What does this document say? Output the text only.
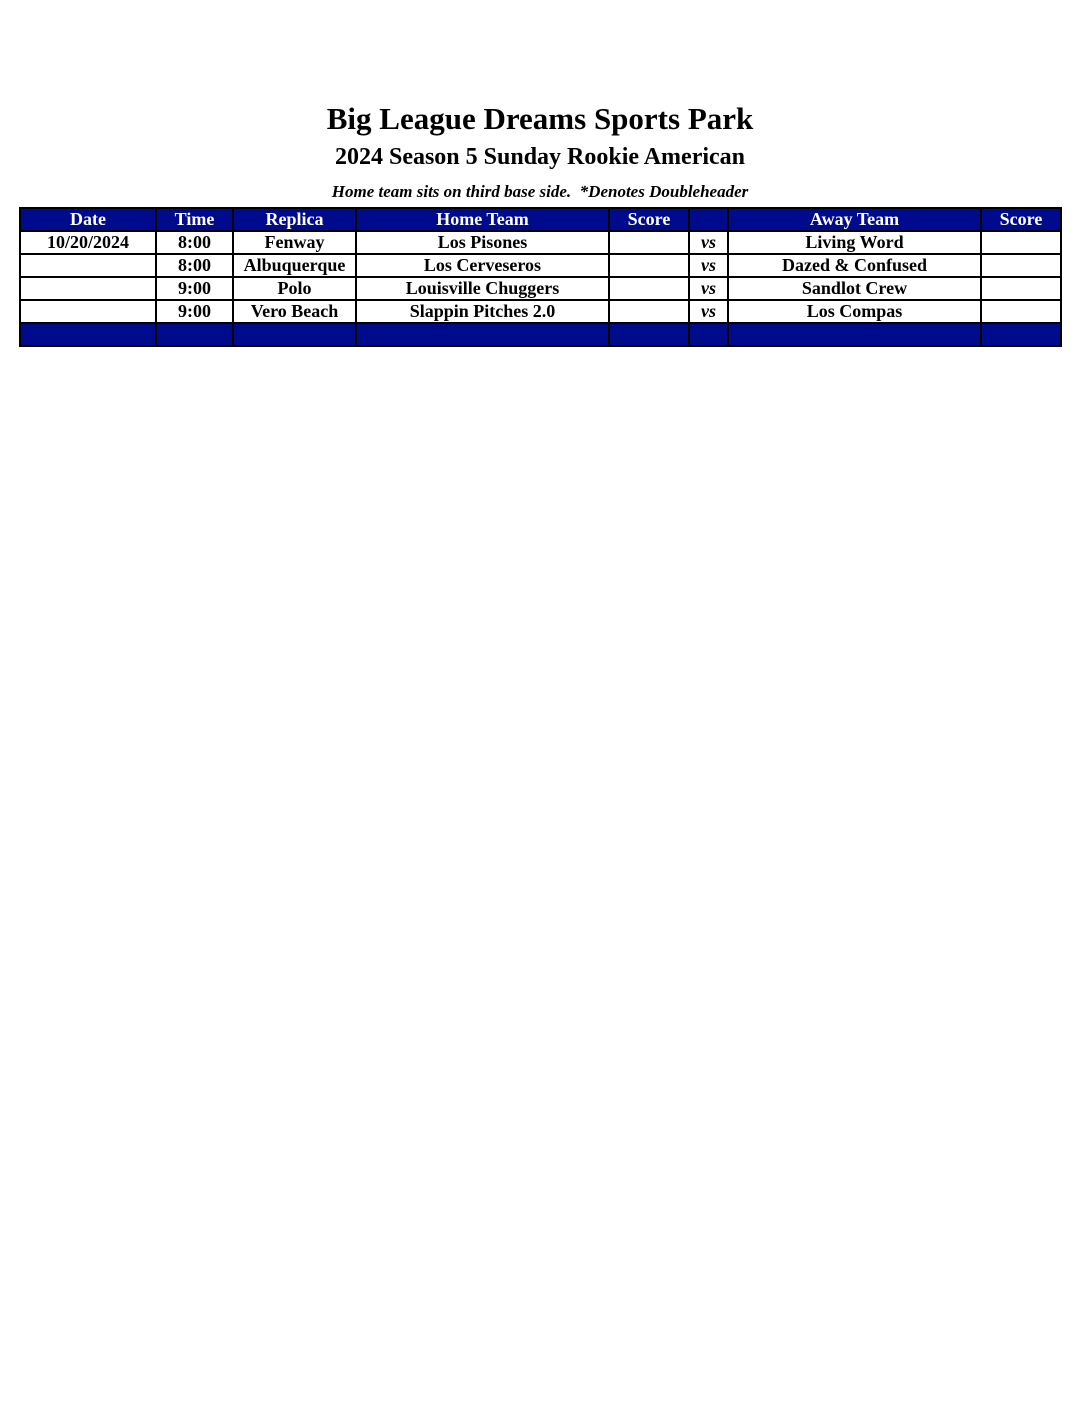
Big League Dreams Sports Park
2024 Season 5 Sunday Rookie American
Home team sits on third base side.  *Denotes Doubleheader
Date	Time	Replica	Home Team	Score		Away Team	Score
10/20/2024	8:00	Fenway	Los Pisones		vs	Living Word	
	8:00	Albuquerque	Los Cerveseros		vs	Dazed & Confused	
	9:00	Polo	Louisville Chuggers		vs	Sandlot Crew	
	9:00	Vero Beach	Slappin Pitches 2.0		vs	Los Compas	
